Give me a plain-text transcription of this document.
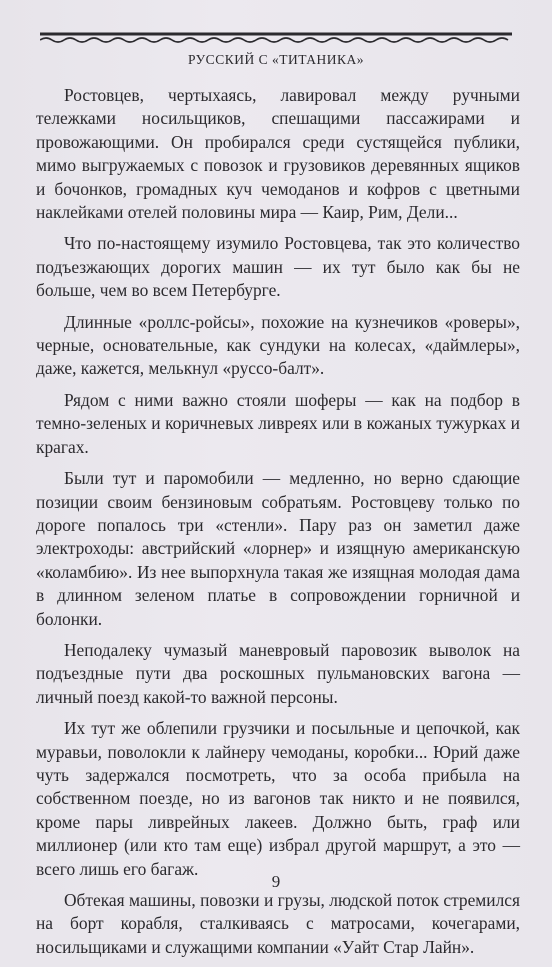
РУССКИЙ С «ТИТАНИКА»

Ростовцев, чертыхаясь, лавировал между ручными тележками носильщиков, спешащими пассажирами и провожающими. Он пробирался среди сустящейся публики, мимо выгружаемых с повозок и грузовиков деревянных ящиков и бочонков, громадных куч чемоданов и кофров с цветными наклейками отелей половины мира — Каир, Рим, Дели...

Что по-настоящему изумило Ростовцева, так это количество подъезжающих дорогих машин — их тут было как бы не больше, чем во всем Петербурге.

Длинные «роллс-ройсы», похожие на кузнечиков «роверы», черные, основательные, как сундуки на колесах, «даймлеры», даже, кажется, мелькнул «руссо-балт».

Рядом с ними важно стояли шоферы — как на подбор в темно-зеленых и коричневых ливреях или в кожаных тужурках и крагах.

Были тут и паромобили — медленно, но верно сдающие позиции своим бензиновым собратьям. Ростовцеву только по дороге попалось три «стенли». Пару раз он заметил даже электроходы: австрийский «лорнер» и изящную американскую «коламбию». Из нее выпорхнула такая же изящная молодая дама в длинном зеленом платье в сопровождении горничной и болонки.

Неподалеку чумазый маневровый паровозик выволок на подъездные пути два роскошных пульмановских вагона — личный поезд какой-то важной персоны.

Их тут же облепили грузчики и посыльные и цепочкой, как муравьи, поволокли к лайнеру чемоданы, коробки... Юрий даже чуть задержался посмотреть, что за особа прибыла на собственном поезде, но из вагонов так никто и не появился, кроме пары ливрейных лакеев. Должно быть, граф или миллионер (или кто там еще) избрал другой маршрут, а это — всего лишь его багаж.

Обтекая машины, повозки и грузы, людской поток стремился на борт корабля, сталкиваясь с матросами, кочегарами, носильщиками и служащими компании «Уайт Стар Лайн».

9
